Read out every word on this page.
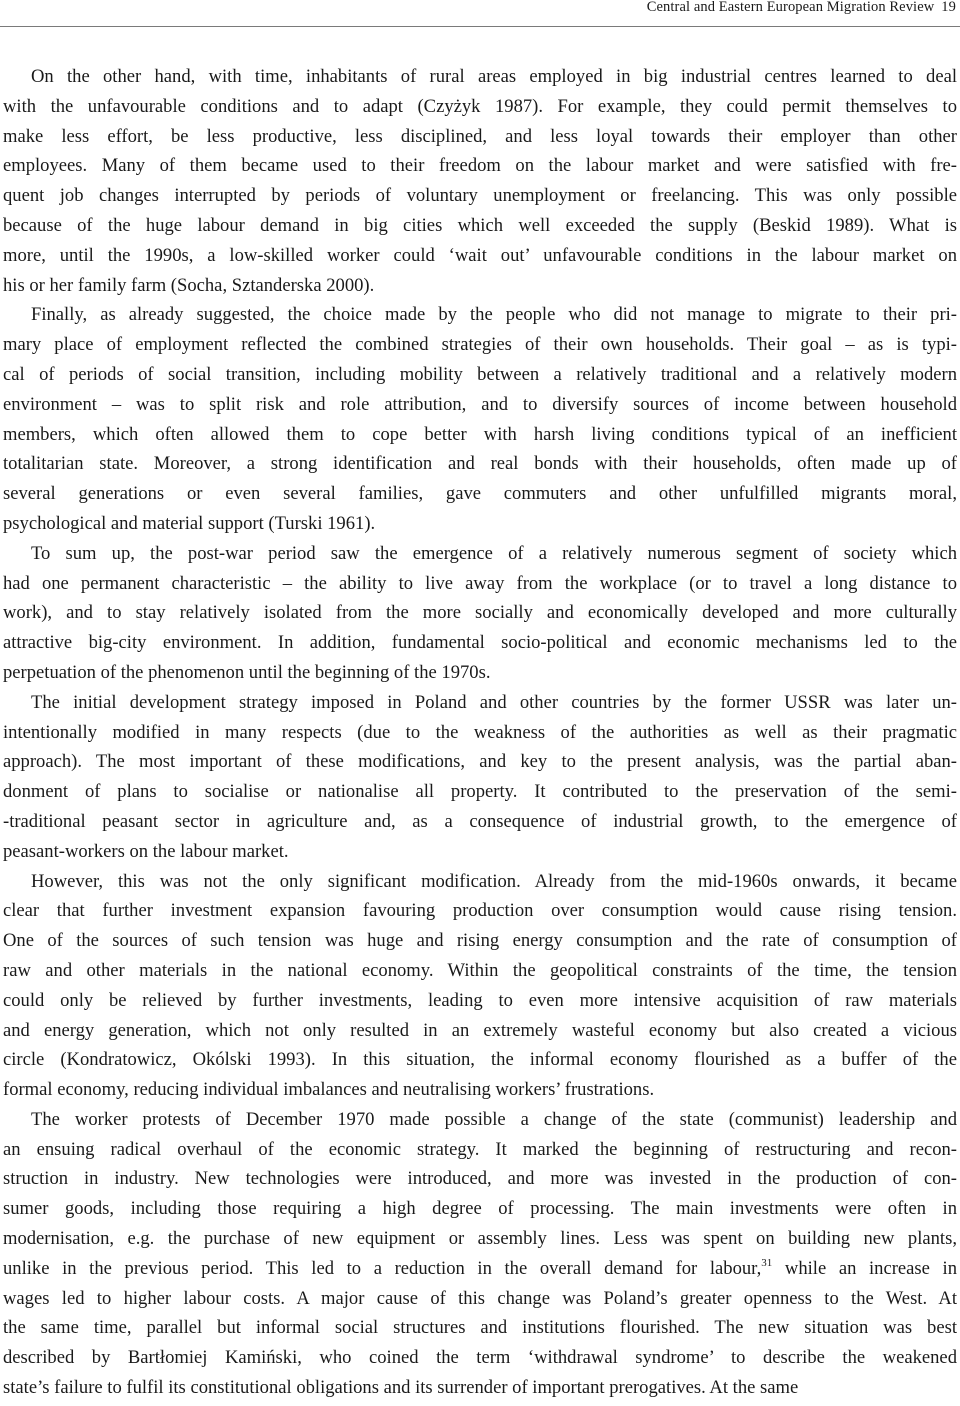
Central and Eastern European Migration Review 19
On the other hand, with time, inhabitants of rural areas employed in big industrial centres learned to deal
with the unfavourable conditions and to adapt (Czyżyk 1987). For example, they could permit themselves to
make less effort, be less productive, less disciplined, and less loyal towards their employer than other
employees. Many of them became used to their freedom on the labour market and were satisfied with fre-
quent job changes interrupted by periods of voluntary unemployment or freelancing. This was only possible
because of the huge labour demand in big cities which well exceeded the supply (Beskid 1989). What is
more, until the 1990s, a low-skilled worker could ‘wait out’ unfavourable conditions in the labour market on
his or her family farm (Socha, Sztanderska 2000).
Finally, as already suggested, the choice made by the people who did not manage to migrate to their pri-
mary place of employment reflected the combined strategies of their own households. Their goal – as is typi-
cal of periods of social transition, including mobility between a relatively traditional and a relatively modern
environment – was to split risk and role attribution, and to diversify sources of income between household
members, which often allowed them to cope better with harsh living conditions typical of an inefficient
totalitarian state. Moreover, a strong identification and real bonds with their households, often made up of
several generations or even several families, gave commuters and other unfulfilled migrants moral,
psychological and material support (Turski 1961).
To sum up, the post-war period saw the emergence of a relatively numerous segment of society which
had one permanent characteristic – the ability to live away from the workplace (or to travel a long distance to
work), and to stay relatively isolated from the more socially and economically developed and more culturally
attractive big-city environment. In addition, fundamental socio-political and economic mechanisms led to the
perpetuation of the phenomenon until the beginning of the 1970s.
The initial development strategy imposed in Poland and other countries by the former USSR was later un-
intentionally modified in many respects (due to the weakness of the authorities as well as their pragmatic
approach). The most important of these modifications, and key to the present analysis, was the partial aban-
donment of plans to socialise or nationalise all property. It contributed to the preservation of the semi-
-traditional peasant sector in agriculture and, as a consequence of industrial growth, to the emergence of
peasant-workers on the labour market.
However, this was not the only significant modification. Already from the mid-1960s onwards, it became
clear that further investment expansion favouring production over consumption would cause rising tension.
One of the sources of such tension was huge and rising energy consumption and the rate of consumption of
raw and other materials in the national economy. Within the geopolitical constraints of the time, the tension
could only be relieved by further investments, leading to even more intensive acquisition of raw materials
and energy generation, which not only resulted in an extremely wasteful economy but also created a vicious
circle (Kondratowicz, Okólski 1993). In this situation, the informal economy flourished as a buffer of the
formal economy, reducing individual imbalances and neutralising workers’ frustrations.
The worker protests of December 1970 made possible a change of the state (communist) leadership and
an ensuing radical overhaul of the economic strategy. It marked the beginning of restructuring and recon-
struction in industry. New technologies were introduced, and more was invested in the production of con-
sumer goods, including those requiring a high degree of processing. The main investments were often in
modernisation, e.g. the purchase of new equipment or assembly lines. Less was spent on building new plants,
unlike in the previous period. This led to a reduction in the overall demand for labour,$^{31}$ while an increase in
wages led to higher labour costs. A major cause of this change was Poland’s greater openness to the West. At
the same time, parallel but informal social structures and institutions flourished. The new situation was best
described by Bartłomiej Kamiński, who coined the term ‘withdrawal syndrome’ to describe the weakened
state’s failure to fulfil its constitutional obligations and its surrender of important prerogatives. At the same
